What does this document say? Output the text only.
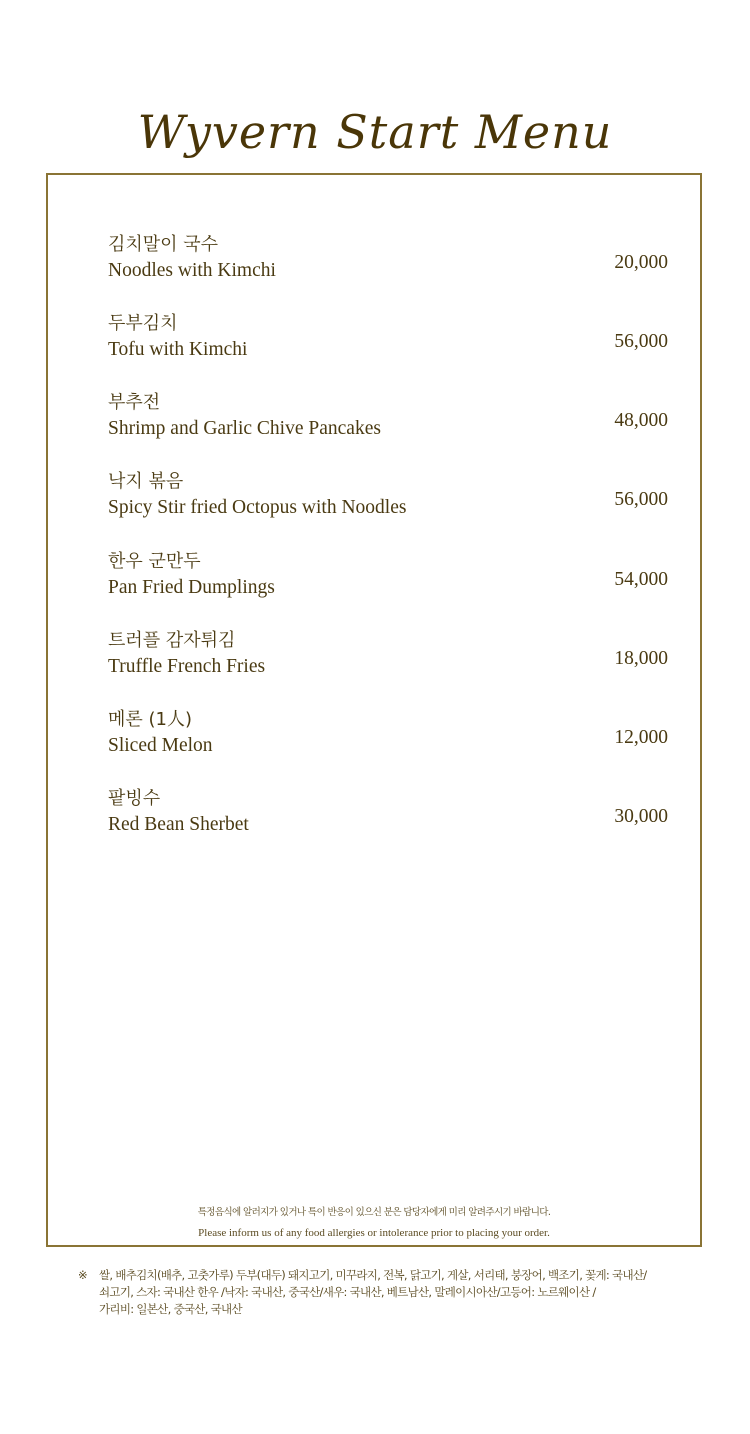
Wyvern Start Menu
김치말이 국수
Noodles with Kimchi	20,000
두부김치
Tofu with Kimchi	56,000
부추전
Shrimp and Garlic Chive Pancakes	48,000
낙지 볶음
Spicy Stir fried Octopus with Noodles	56,000
한우 군만두
Pan Fried Dumplings	54,000
트러플 감자튀김
Truffle French Fries	18,000
메론 (1人)
Sliced Melon	12,000
팥빙수
Red Bean Sherbet	30,000
특정음식에 알러지가 있거나 특이 반응이 있으신 분은 담당자에게 미리 알려주시기 바랍니다.
Please inform us of any food allergies or intolerance prior to placing your order.
※ 쌀, 배추김치(배추, 고춧가루) 두부(대두) 돼지고기, 미꾸라지, 전복, 닭고기, 게살, 서리태, 붕장어, 백조기, 꽃게: 국내산/
쇠고기, 스자: 국내산 한우 /낙자: 국내산, 중국산/새우: 국내산, 베트남산, 말레이시아산/고등어: 노르웨이산 /
가리비: 일본산, 중국산, 국내산
